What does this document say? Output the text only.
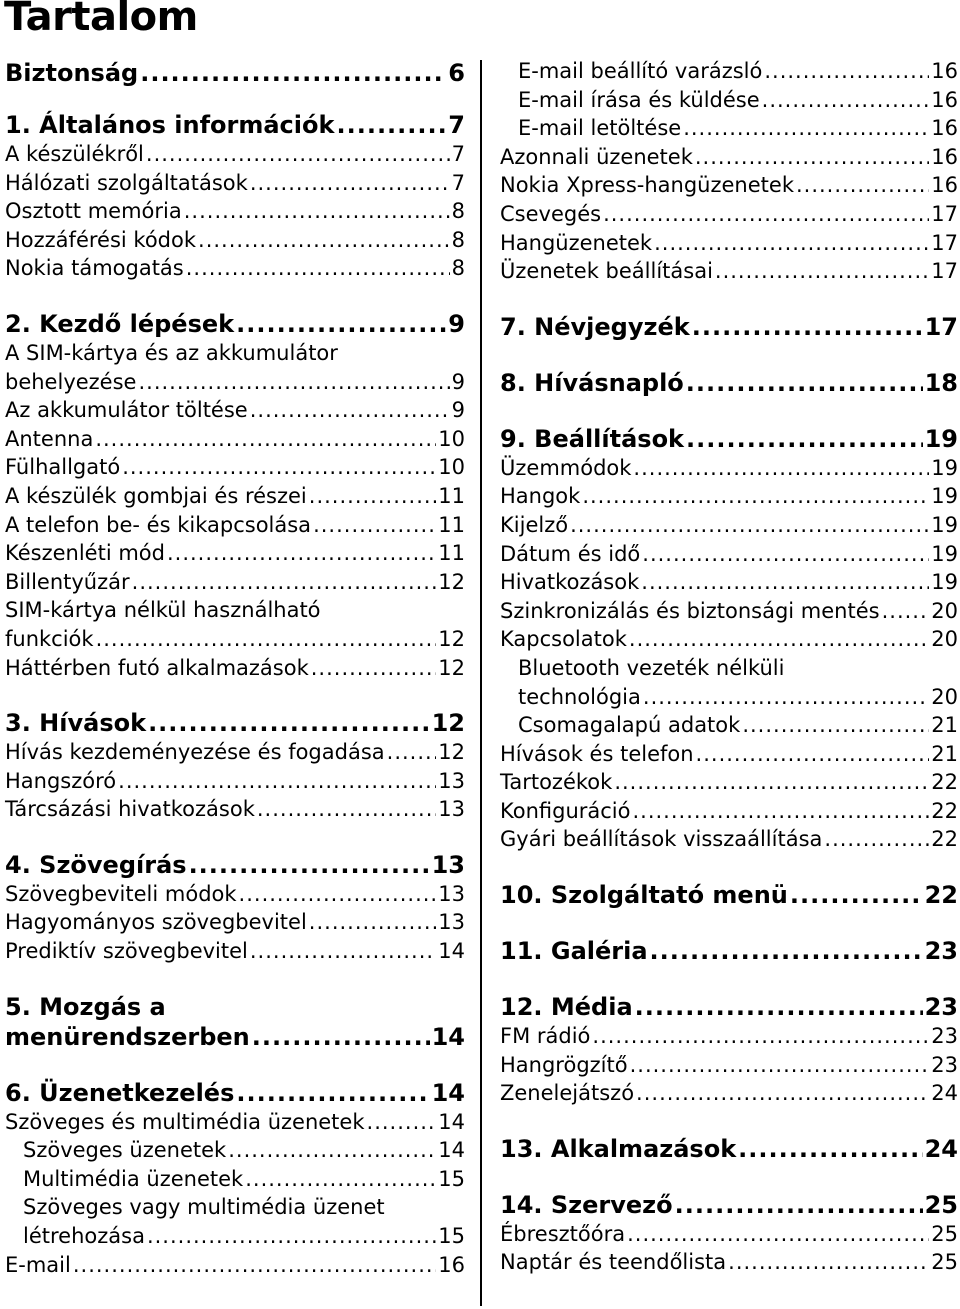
Tartalom
Biztonság .....	6
1. Általános információk .....	7
A készülékről .....	7
Hálózati szolgáltatások .....	7
Osztott memória .....	8
Hozzáférési kódok .....	8
Nokia támogatás .....	8
2. Kezdő lépések .....	9
A SIM-kártya és az akkumulátor
behelyezése .....	9
Az akkumulátor töltése .....	9
Antenna .....	10
Fülhallgató .....	10
A készülék gombjai és részei .....	11
A telefon be- és kikapcsolása .....	11
Készenléti mód .....	11
Billentyűzár .....	12
SIM-kártya nélkül használható
funkciók .....	12
Háttérben futó alkalmazások .....	12
3. Hívások .....	12
Hívás kezdeményezése és fogadása .....	12
Hangszóró .....	13
Tárcsázási hivatkozások .....	13
4. Szövegírás .....	13
Szövegbeviteli módok .....	13
Hagyományos szövegbevitel .....	13
Prediktív szövegbevitel .....	14
5. Mozgás a
menürendszerben .....	14
6. Üzenetkezelés .....	14
Szöveges és multimédia üzenetek .....	14
Szöveges üzenetek .....	14
Multimédia üzenetek .....	15
Szöveges vagy multimédia üzenet
létrehozása .....	15
E-mail .....	16
E-mail beállító varázsló .....	16
E-mail írása és küldése .....	16
E-mail letöltése .....	16
Azonnali üzenetek .....	16
Nokia Xpress-hangüzenetek .....	16
Csevegés .....	17
Hangüzenetek .....	17
Üzenetek beállításai .....	17
7. Névjegyzék .....	17
8. Hívásnapló .....	18
9. Beállítások .....	19
Üzemmódok .....	19
Hangok .....	19
Kijelző .....	19
Dátum és idő .....	19
Hivatkozások .....	19
Szinkronizálás és biztonsági mentés ..... 20
Kapcsolatok .....	20
Bluetooth vezeték nélküli
technológia .....	20
Csomagalapú adatok .....	21
Hívások és telefon .....	21
Tartozékok .....	22
Konfiguráció .....	22
Gyári beállítások visszaállítása .....	22
10. Szolgáltató menü .....	22
11. Galéria .....	23
12. Média .....	23
FM rádió .....	23
Hangrögzítő .....	23
Zenelejátszó .....	24
13. Alkalmazások .....	24
14. Szervező .....	25
Ébresztőóra .....	25
Naptár és teendőlista .....	25
